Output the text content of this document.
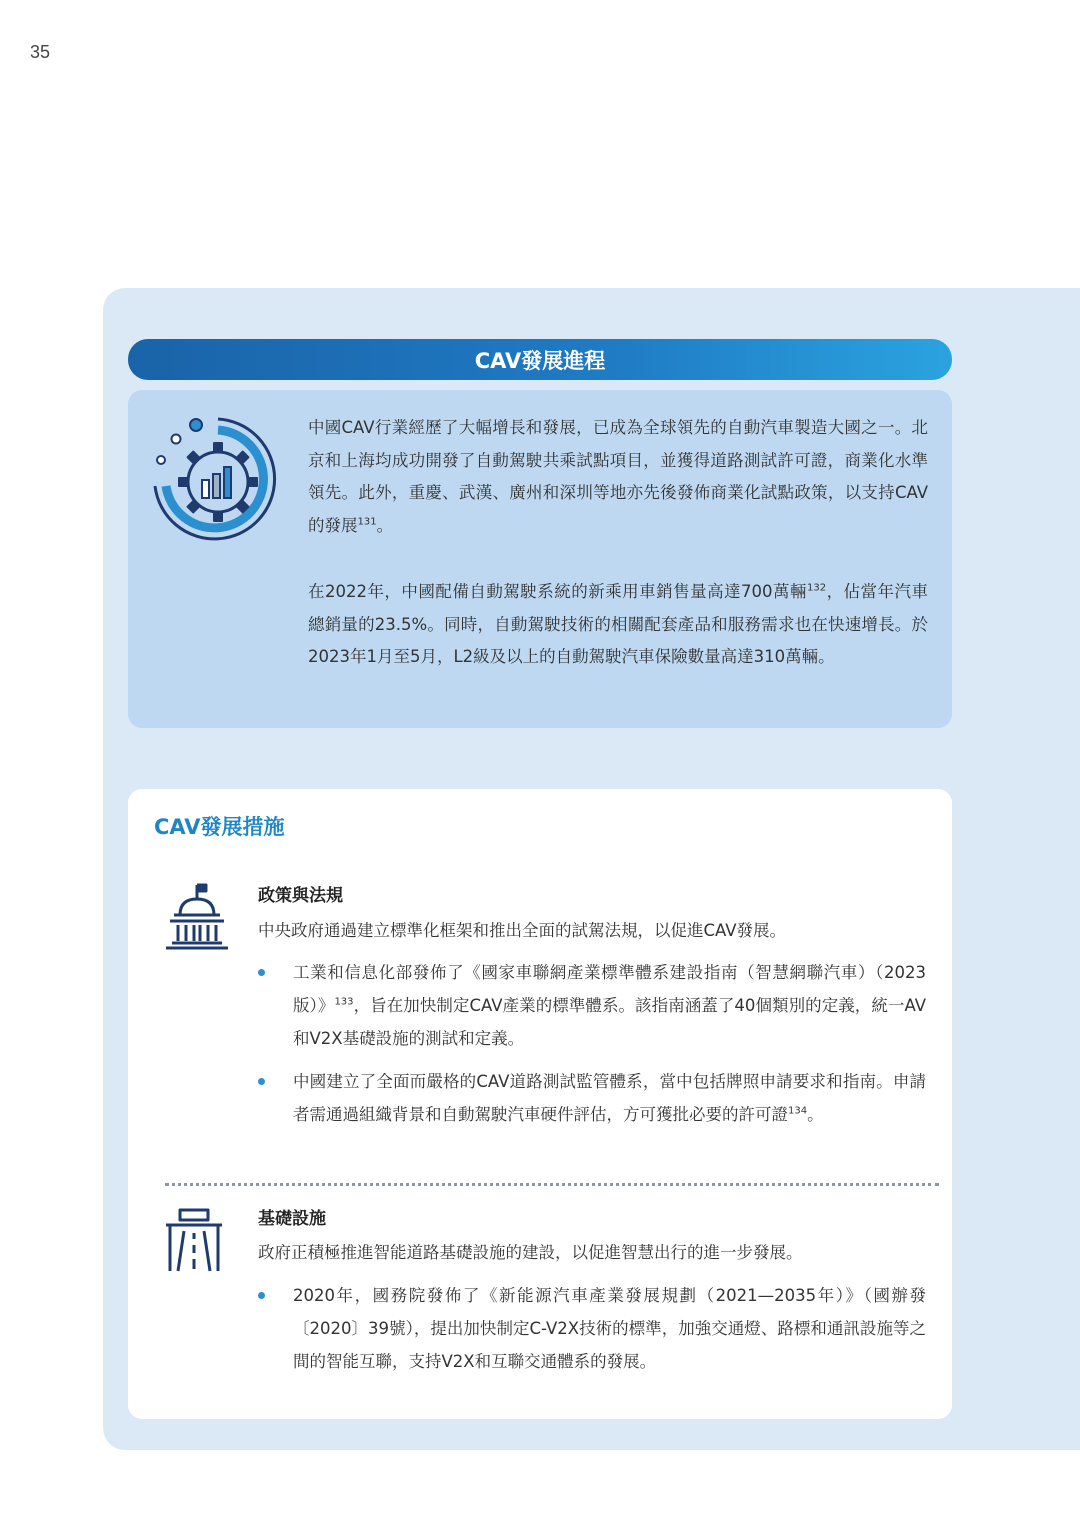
35
CAV發展進程

中國CAV行業經歷了大幅增長和發展，已成為全球領先的自動汽車製造大國之一。北京和上海均成功開發了自動駕駛共乘試點項目，並獲得道路測試許可證，商業化水準領先。此外，重慶、武漢、廣州和深圳等地亦先後發佈商業化試點政策，以支持CAV的發展$^{131}$。

在2022年，中國配備自動駕駛系統的新乘用車銷售量高達700萬輛$^{132}$，佔當年汽車總銷量的23.5%。同時，自動駕駛技術的相關配套產品和服務需求也在快速增長。於2023年1月至5月，L2級及以上的自動駕駛汽車保險數量高達310萬輛。

CAV發展措施
政策與法規
中央政府通過建立標準化框架和推出全面的試駕法規，以促進CAV發展。
工業和信息化部發佈了《國家車聯網產業標準體系建設指南（智慧網聯汽車）（2023版）》$^{133}$，旨在加快制定CAV產業的標準體系。該指南涵蓋了40個類別的定義，統一AV和V2X基礎設施的測試和定義。
中國建立了全面而嚴格的CAV道路測試監管體系，當中包括牌照申請要求和指南。申請者需通過組織背景和自動駕駛汽車硬件評估，方可獲批必要的許可證$^{134}$。
基礎設施
政府正積極推進智能道路基礎設施的建設，以促進智慧出行的進一步發展。
2020年，國務院發佈了《新能源汽車產業發展規劃（2021—2035年）》（國辦發〔2020〕39號），提出加快制定C-V2X技術的標準，加強交通燈、路標和通訊設施等之間的智能互聯，支持V2X和互聯交通體系的發展。
